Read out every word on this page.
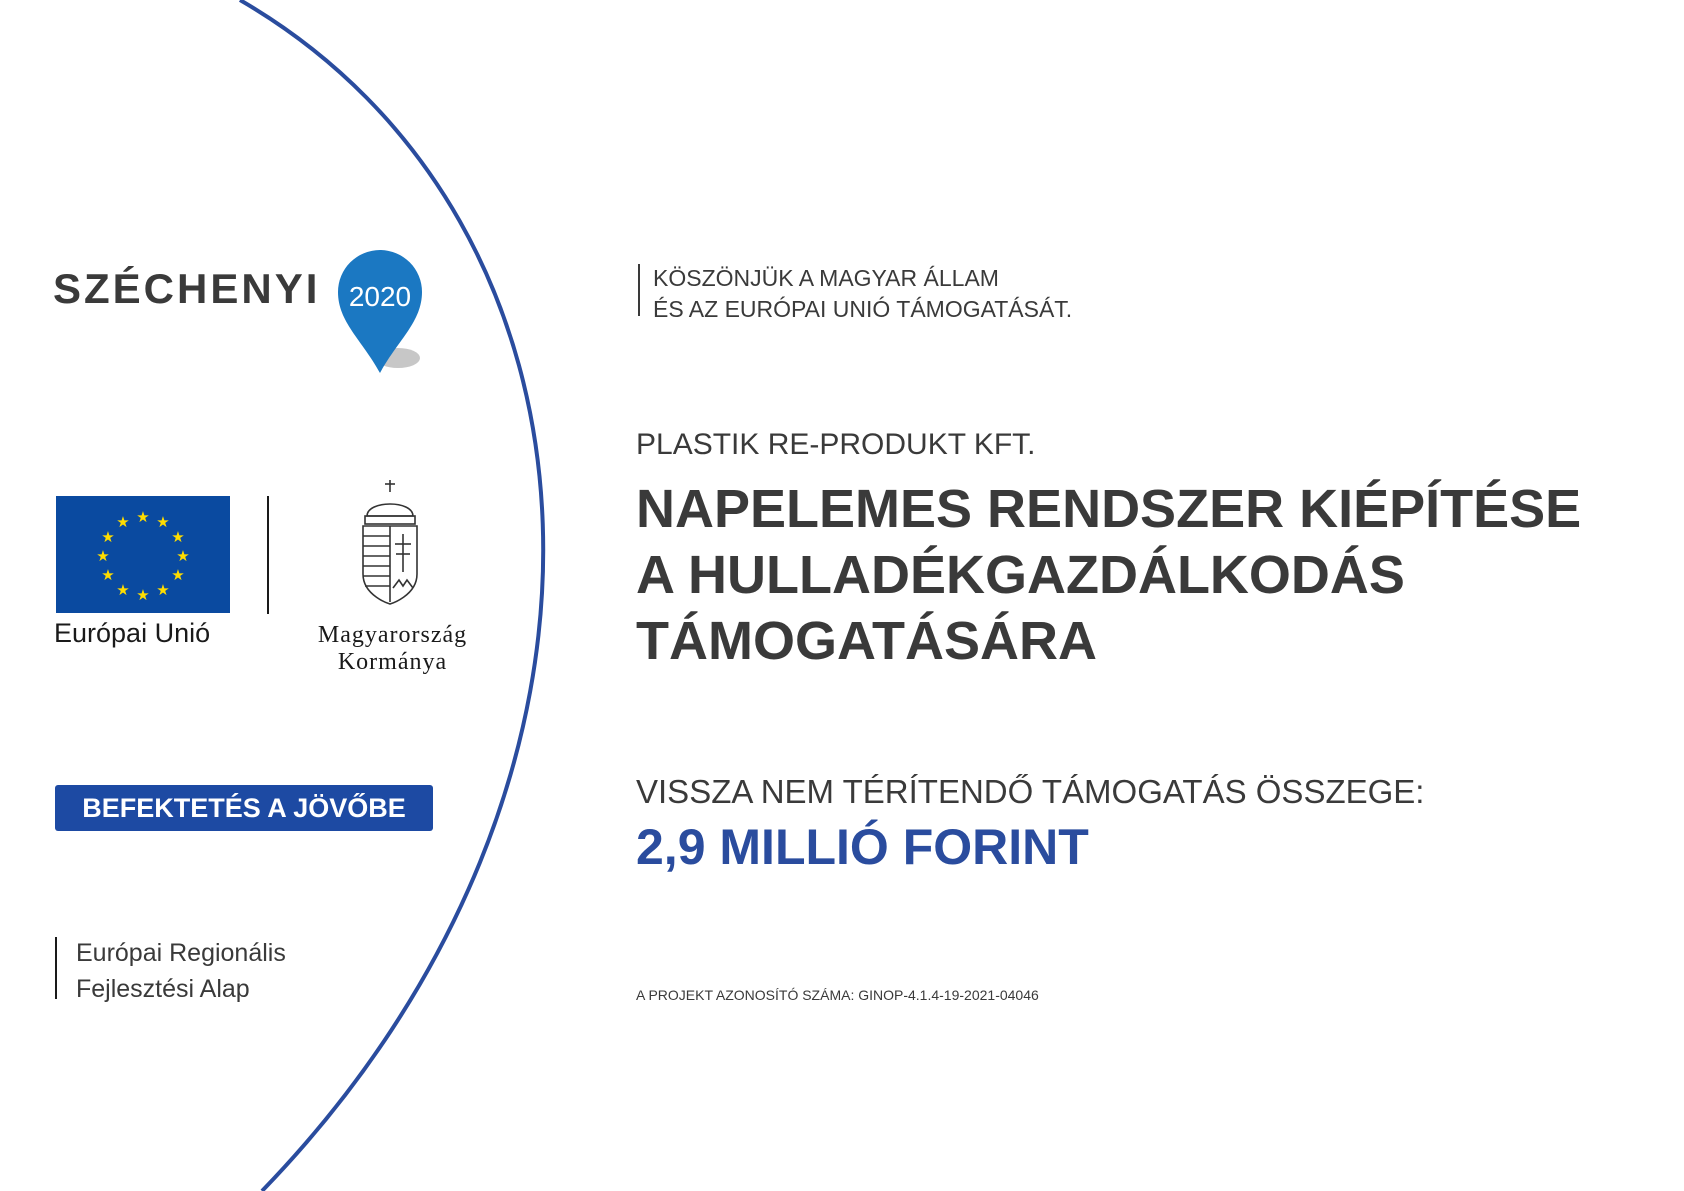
SZÉCHENYI 2020
★ ★
★
★
★
★
★
★
★
★
★
★
Európai Unió	Magyarország
Kormánya
BEFEKTETÉS A JÖVŐBE
Európai Regionális
Fejlesztési Alap
KÖSZÖNJÜK A MAGYAR ÁLLAM
ÉS AZ EURÓPAI UNIÓ TÁMOGATÁSÁT.
PLASTIK RE-PRODUKT KFT.
NAPELEMES RENDSZER KIÉPÍTÉSE
A HULLADÉKGAZDÁLKODÁS
TÁMOGATÁSÁRA
VISSZA NEM TÉRÍTENDŐ TÁMOGATÁS ÖSSZEGE:
2,9 MILLIÓ FORINT
A PROJEKT AZONOSÍTÓ SZÁMA: GINOP-4.1.4-19-2021-04046
